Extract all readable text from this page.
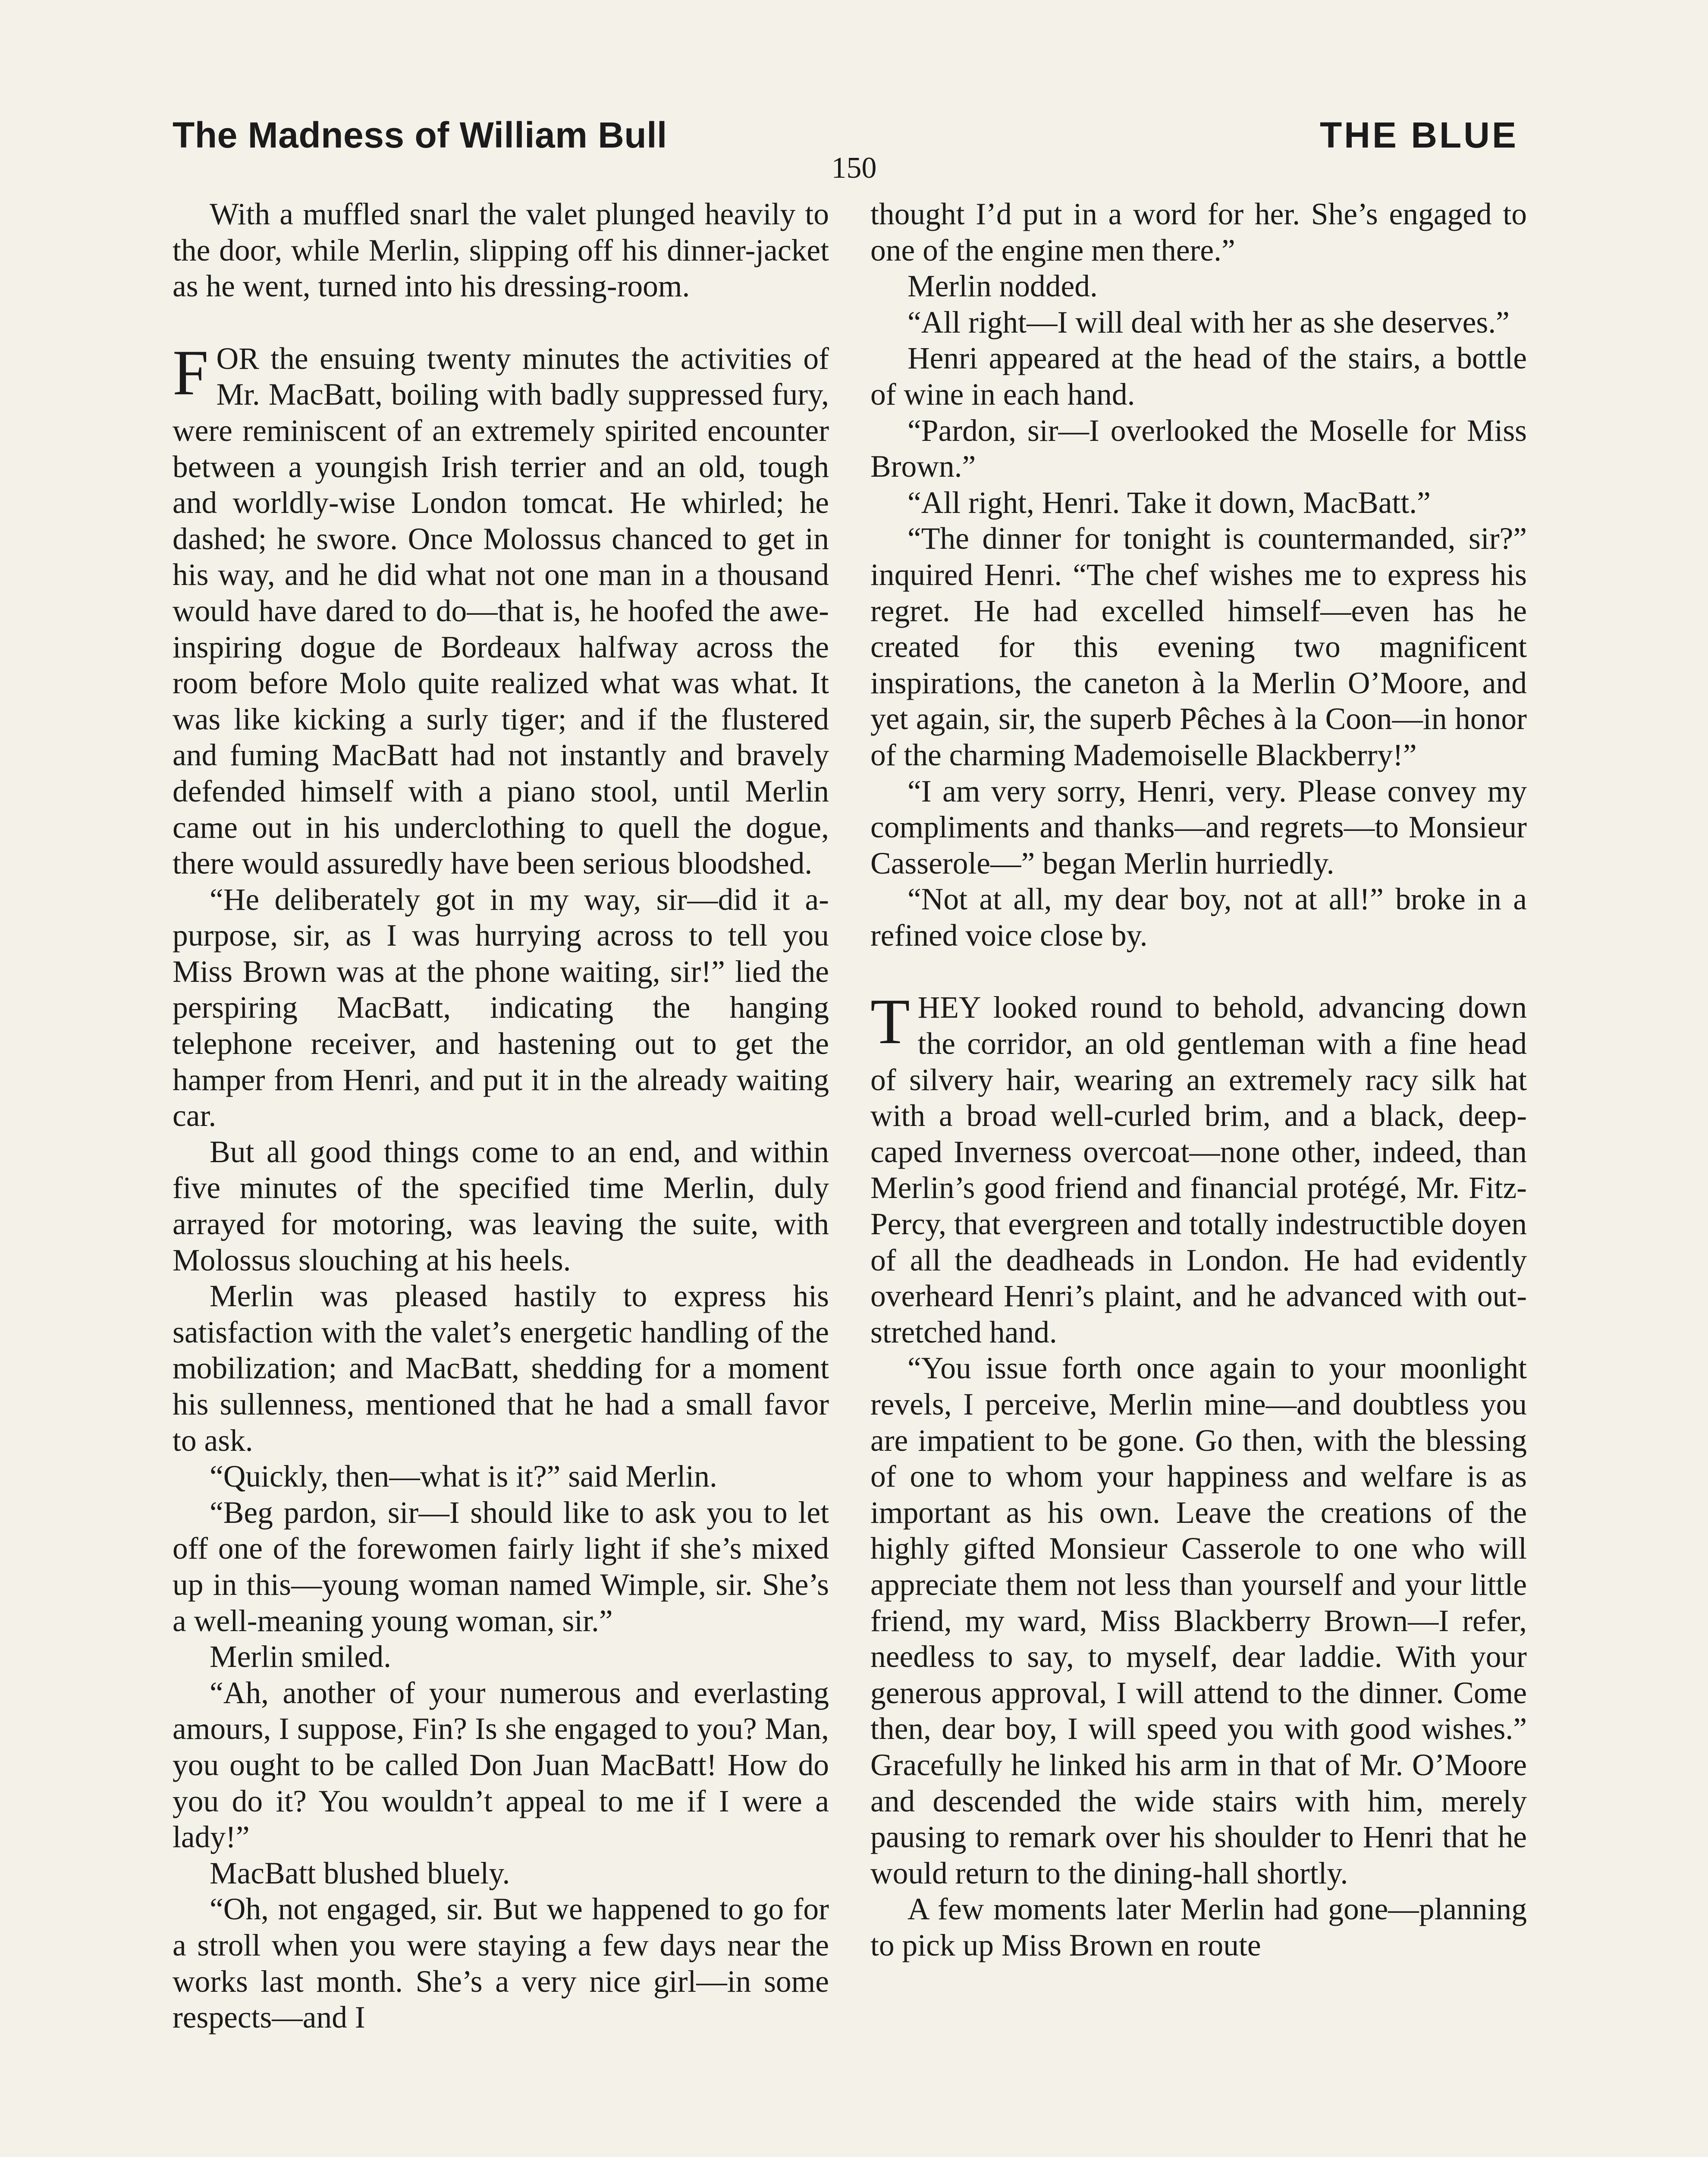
The Madness of William Bull	THE BLUE
150

With a muffled snarl the valet plunged heavily to the door, while Merlin, slipping off his dinner-jacket as he went, turned into his dressing-room.

FOR the ensuing twenty minutes the activities of Mr. MacBatt, boiling with badly suppressed fury, were reminiscent of an extremely spirited encounter between a youngish Irish terrier and an old, tough and worldly-wise London tomcat. He whirled; he dashed; he swore. Once Molossus chanced to get in his way, and he did what not one man in a thousand would have dared to do—that is, he hoofed the awe-inspiring dogue de Bordeaux halfway across the room before Molo quite realized what was what. It was like kicking a surly tiger; and if the flustered and fuming MacBatt had not instantly and bravely defended himself with a piano stool, until Merlin came out in his underclothing to quell the dogue, there would assuredly have been serious bloodshed.

“He deliberately got in my way, sir—did it a-purpose, sir, as I was hurrying across to tell you Miss Brown was at the phone waiting, sir!” lied the perspiring MacBatt, indicating the hanging telephone receiver, and hastening out to get the hamper from Henri, and put it in the already waiting car.

But all good things come to an end, and within five minutes of the specified time Merlin, duly arrayed for motoring, was leaving the suite, with Molossus slouching at his heels.

Merlin was pleased hastily to express his satisfaction with the valet’s energetic handling of the mobilization; and MacBatt, shedding for a moment his sullenness, mentioned that he had a small favor to ask.

“Quickly, then—what is it?” said Merlin.

“Beg pardon, sir—I should like to ask you to let off one of the forewomen fairly light if she’s mixed up in this—young woman named Wimple, sir. She’s a well-meaning young woman, sir.”

Merlin smiled.

“Ah, another of your numerous and everlasting amours, I suppose, Fin? Is she engaged to you? Man, you ought to be called Don Juan MacBatt! How do you do it? You wouldn’t appeal to me if I were a lady!”

MacBatt blushed bluely.

“Oh, not engaged, sir. But we happened to go for a stroll when you were staying a few days near the works last month. She’s a very nice girl—in some respects—and I

thought I’d put in a word for her. She’s engaged to one of the engine men there.”

Merlin nodded.

“All right—I will deal with her as she deserves.”

Henri appeared at the head of the stairs, a bottle of wine in each hand.

“Pardon, sir—I overlooked the Moselle for Miss Brown.”

“All right, Henri. Take it down, MacBatt.”

“The dinner for tonight is countermanded, sir?” inquired Henri. “The chef wishes me to express his regret. He had excelled himself—even has he created for this evening two magnificent inspirations, the caneton à la Merlin O’Moore, and yet again, sir, the superb Pêches à la Coon—in honor of the charming Mademoiselle Blackberry!”

“I am very sorry, Henri, very. Please convey my compliments and thanks—and regrets—to Monsieur Casserole—” began Merlin hurriedly.

“Not at all, my dear boy, not at all!” broke in a refined voice close by.

THEY looked round to behold, advancing down the corridor, an old gentleman with a fine head of silvery hair, wearing an extremely racy silk hat with a broad well-curled brim, and a black, deep-caped Inverness overcoat—none other, indeed, than Merlin’s good friend and financial protégé, Mr. Fitz-Percy, that evergreen and totally indestructible doyen of all the deadheads in London. He had evidently overheard Henri’s plaint, and he advanced with outstretched hand.

“You issue forth once again to your moonlight revels, I perceive, Merlin mine—and doubtless you are impatient to be gone. Go then, with the blessing of one to whom your happiness and welfare is as important as his own. Leave the creations of the highly gifted Monsieur Casserole to one who will appreciate them not less than yourself and your little friend, my ward, Miss Blackberry Brown—I refer, needless to say, to myself, dear laddie. With your generous approval, I will attend to the dinner. Come then, dear boy, I will speed you with good wishes.” Gracefully he linked his arm in that of Mr. O’Moore and descended the wide stairs with him, merely pausing to remark over his shoulder to Henri that he would return to the dining-hall shortly.

A few moments later Merlin had gone—planning to pick up Miss Brown en route
